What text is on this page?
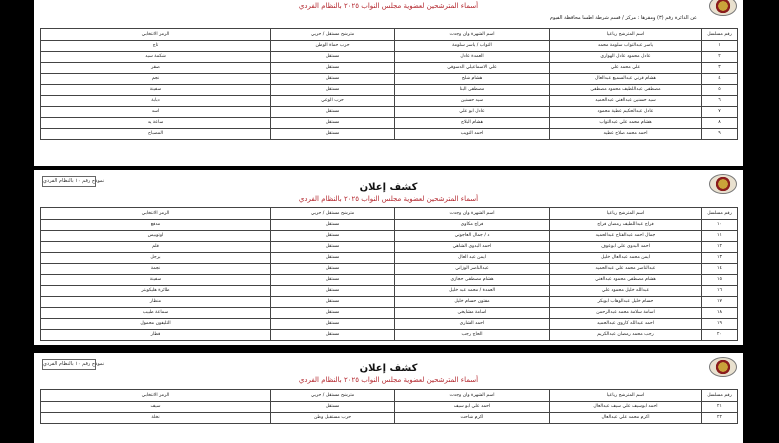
أسماء المترشحين لعضوية مجلس النواب ٢٠٢٥ بالنظام الفردي
عن الدائرة رقم (٣) ومقرها : مركز / قسم شرطة اطسا محافظة الفيوم
رقم مسلسل	اسم المترشح رباعيا	اسم الشهرة وان وجدت	مترشح مستقل / حزبي	الرمز الانتخابي
١	ياسر عبدالتواب سلومة محمد	التواب / ياسر سلومة	حزب حماة الوطن	تاج
٢	عادل محمود عادل الهوارى	العمدة عادل	مستقل	شكمة سيد
٣	علي محمد علي	علي الاسماعيلي الدسوقي	مستقل	صقر
٤	هشام قرني عبدالسميع عبدالعال	هشام شلح	مستقل	نجم
٥	مصطفى عبداللطيف محمود مصطفى	مصطفى البنا	مستقل	سفينة
٦	سيد حسنين عبدالغني عبدالحميد	سيد حسنين	حزب الوعي	دبابة
٧	عادل عبدالحكيم عطية محمود	عادل ابو علي	مستقل	اسد
٨	هشام محمد علي عبدالتواب	هشام البلاج	مستقل	ساعة يد
٩	احمد محمد صلاح عطيه	احمد التويب	مستقل	المصباح
نموذج رقم ١٠ بالنظام الفردي
كشف إعلان
أسماء المترشحين لعضوية مجلس النواب ٢٠٢٥ بالنظام الفردي
رقم مسلسل	اسم المترشح رباعيا	اسم الشهرة وان وجدت	مترشح مستقل / حزبي	الرمز الانتخابي
١٠	فراج عبداللطيف رمضان فراج	فراج مكاوي	مستقل	مدفع
١١	جمال احمد عبدالفتاح عبدالحميد	د / جمال العاجوني	مستقل	اوتوبيس
١٢	احمد البدوي علي ابوعوف	احمد البدوي الشاهي	مستقل	قلم
١٣	ايمن محمد عبدالعال خليل	ايمن عبد العال	مستقل	برجل
١٤	عبدالناصر محمد علي عبدالحميد	عبدالناصر الوزاني	مستقل	نجمة
١٥	هشام مصطفى محمود عبدالغني	هشام مصطفى حجازي	مستقل	سفينة
١٦	عبدالله خليل محمود علي	العمدة / محمد عبد خليل	مستقل	طائرة هليكوبتر
١٧	حسام خليل عبدالوهاب ابوبكر	مفتون حسام خليل	مستقل	منظار
١٨	اسامة سلامة محمد عبدالرحمن	اسامة مشايخى	مستقل	سماعة طبيب
١٩	احمد عبدالله كاروى عبدالحميد	احمد الشاري	مستقل	التليفون محمول
٢٠	رجب محمد رمضان عبدالكريم	الحاج رجب	مستقل	قطار
نموذج رقم ١٠ بالنظام الفردي	كشف إعلان
أسماء المترشحين لعضوية مجلس النواب ٢٠٢٥ بالنظام الفردي
رقم مسلسل	اسم المترشح رباعيا	اسم الشهرة وان وجدت	مترشح مستقل / حزبي	الرمز الانتخابي
٢١	احمد ابوسيف علي سيف عبدالعال	احمد علي ابو سيف	مستقل	سيف
٢٢	اكرم محمد علي عبدالعال	اكرم شاحت	حزب مستقبل وطن	نخلة
